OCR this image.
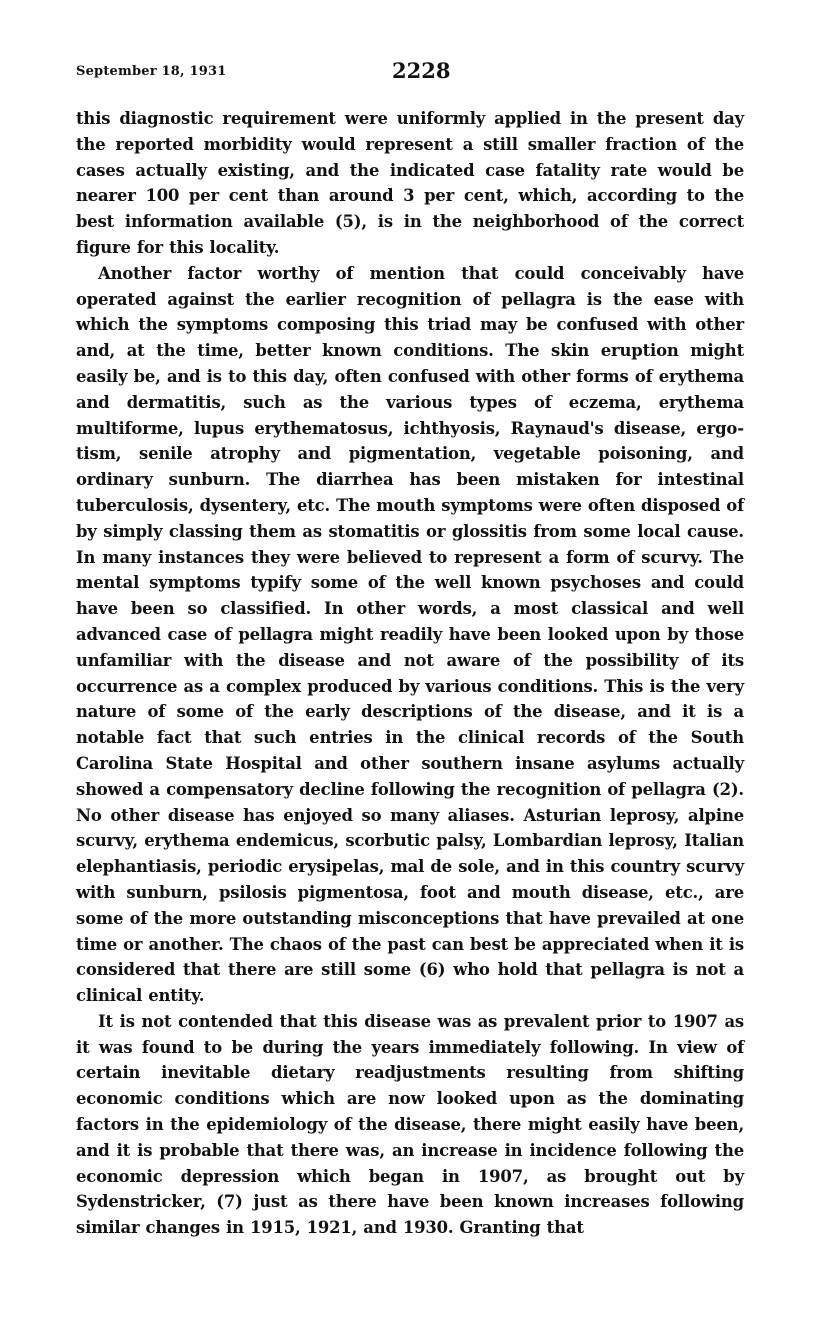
September 18, 1931	2228

this diagnostic requirement were uniformly applied in the present day the reported morbidity would represent a still smaller fraction of the cases actually existing, and the indicated case fatality rate would be nearer 100 per cent than around 3 per cent, which, according to the best information available (5), is in the neighborhood of the correct figure for this locality.

Another factor worthy of mention that could conceivably have operated against the earlier recognition of pellagra is the ease with which the symptoms composing this triad may be confused with other and, at the time, better known conditions. The skin eruption might easily be, and is to this day, often confused with other forms of erythema and dermatitis, such as the various types of eczema, erythema multiforme, lupus erythematosus, ichthyosis, Raynaud's disease, ergotism, senile atrophy and pigmentation, vegetable poisoning, and ordinary sunburn. The diarrhea has been mistaken for intestinal tuberculosis, dysentery, etc. The mouth symptoms were often disposed of by simply classing them as stomatitis or glossitis from some local cause. In many instances they were believed to represent a form of scurvy. The mental symptoms typify some of the well known psychoses and could have been so classified. In other words, a most classical and well advanced case of pellagra might readily have been looked upon by those unfamiliar with the disease and not aware of the possibility of its occurrence as a complex produced by various conditions. This is the very nature of some of the early descriptions of the disease, and it is a notable fact that such entries in the clinical records of the South Carolina State Hospital and other southern insane asylums actually showed a compensatory decline following the recognition of pellagra (2). No other disease has enjoyed so many aliases. Asturian leprosy, alpine scurvy, erythema endemicus, scorbutic palsy, Lombardian leprosy, Italian elephantiasis, periodic erysipelas, mal de sole, and in this country scurvy with sunburn, psilosis pigmentosa, foot and mouth disease, etc., are some of the more outstanding misconceptions that have prevailed at one time or another. The chaos of the past can best be appreciated when it is considered that there are still some (6) who hold that pellagra is not a clinical entity.

It is not contended that this disease was as prevalent prior to 1907 as it was found to be during the years immediately following. In view of certain inevitable dietary readjustments resulting from shifting economic conditions which are now looked upon as the dominating factors in the epidemiology of the disease, there might easily have been, and it is probable that there was, an increase in incidence following the economic depression which began in 1907, as brought out by Sydenstricker, (7) just as there have been known increases following similar changes in 1915, 1921, and 1930. Granting that
